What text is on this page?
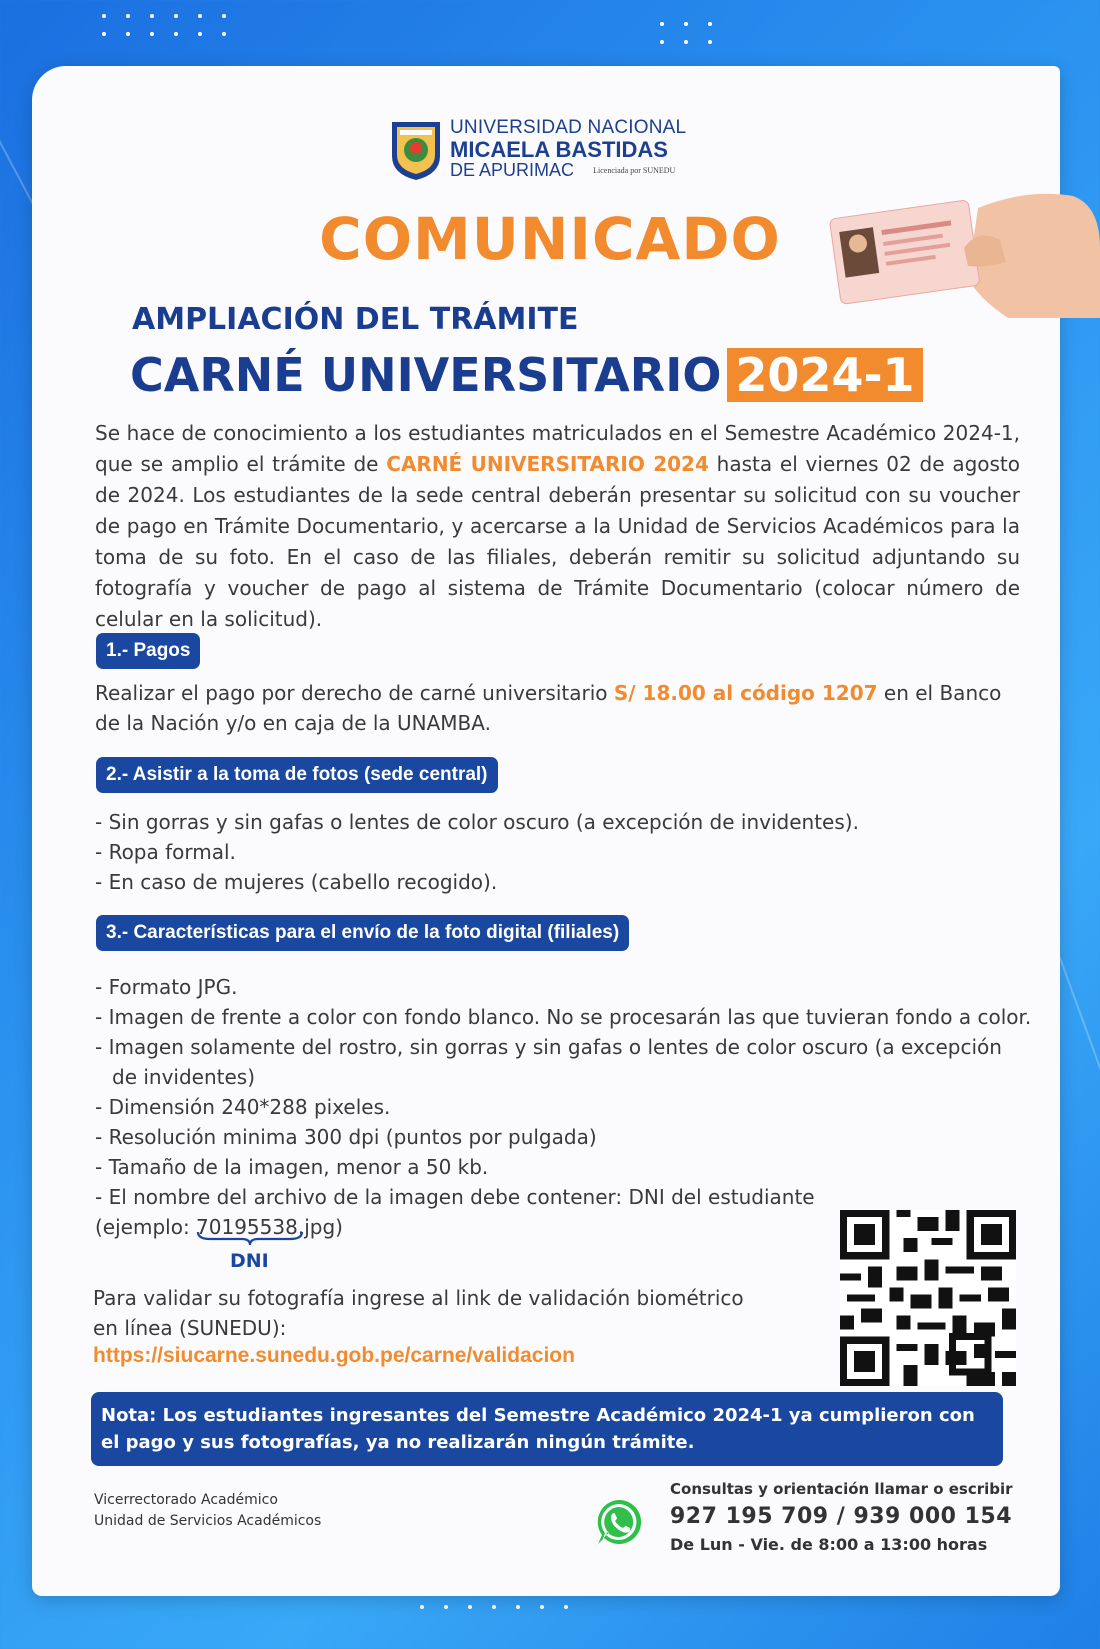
UNIVERSIDAD NACIONAL
MICAELA BASTIDAS
DE APURIMAC Licenciada por SUNEDU
COMUNICADO
AMPLIACIÓN DEL TRÁMITE
CARNÉ UNIVERSITARIO 2024-1
Se hace de conocimiento a los estudiantes matriculados en el Semestre Académico 2024-1, que se amplio el trámite de CARNÉ UNIVERSITARIO 2024 hasta el viernes 02 de agosto de 2024. Los estudiantes de la sede central deberán presentar su solicitud con su voucher de pago en Trámite Documentario, y acercarse a la Unidad de Servicios Académicos para la toma de su foto. En el caso de las filiales, deberán remitir su solicitud adjuntando su fotografía y voucher de pago al sistema de Trámite Documentario (colocar número de celular en la solicitud).
1.- Pagos
Realizar el pago por derecho de carné universitario S/ 18.00 al código 1207 en el Banco
de la Nación y/o en caja de la UNAMBA.
2.- Asistir a la toma de fotos (sede central)
- Sin gorras y sin gafas o lentes de color oscuro (a excepción de invidentes).
- Ropa formal.
- En caso de mujeres (cabello recogido).
3.- Características para el envío de la foto digital (filiales)
- Formato JPG.
- Imagen de frente a color con fondo blanco. No se procesarán las que tuvieran fondo a color.
- Imagen solamente del rostro, sin gorras y sin gafas o lentes de color oscuro (a excepción
de invidentes)
- Dimensión 240*288 pixeles.
- Resolución minima 300 dpi (puntos por pulgada)
- Tamaño de la imagen, menor a 50 kb.
- El nombre del archivo de la imagen debe contener: DNI del estudiante
(ejemplo: 70195538.jpg)
DNI
Para validar su fotografía ingrese al link de validación biométrico
en línea (SUNEDU):
https://siucarne.sunedu.gob.pe/carne/validacion
Nota: Los estudiantes ingresantes del Semestre Académico 2024-1 ya cumplieron con el pago y sus fotografías, ya no realizarán ningún trámite.
Vicerrectorado Académico
Unidad de Servicios Académicos
Consultas y orientación llamar o escribir
927 195 709 / 939 000 154
De Lun - Vie. de 8:00 a 13:00 horas
